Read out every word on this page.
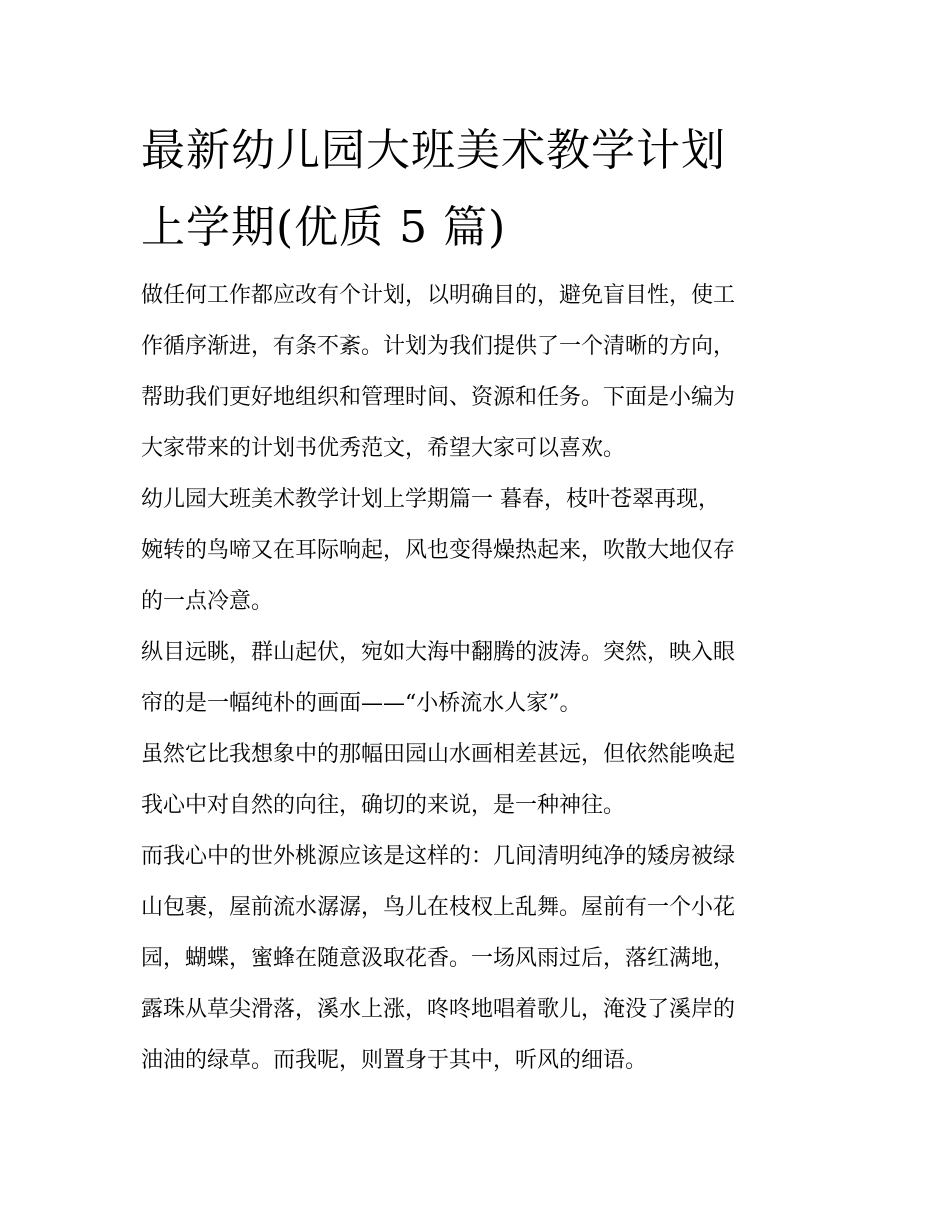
最新幼儿园大班美术教学计划
上学期(优质 5 篇)

做任何工作都应改有个计划，以明确目的，避免盲目性，使工
作循序渐进，有条不紊。计划为我们提供了一个清晰的方向，
帮助我们更好地组织和管理时间、资源和任务。下面是小编为
大家带来的计划书优秀范文，希望大家可以喜欢。

幼儿园大班美术教学计划上学期篇一 暮春，枝叶苍翠再现，
婉转的鸟啼又在耳际响起，风也变得燥热起来，吹散大地仅存
的一点冷意。

纵目远眺，群山起伏，宛如大海中翻腾的波涛。突然，映入眼
帘的是一幅纯朴的画面——“小桥流水人家”。

虽然它比我想象中的那幅田园山水画相差甚远，但依然能唤起
我心中对自然的向往，确切的来说，是一种神往。

而我心中的世外桃源应该是这样的：几间清明纯净的矮房被绿
山包裹，屋前流水潺潺，鸟儿在枝杈上乱舞。屋前有一个小花
园，蝴蝶，蜜蜂在随意汲取花香。一场风雨过后，落红满地，
露珠从草尖滑落，溪水上涨，咚咚地唱着歌儿，淹没了溪岸的
油油的绿草。而我呢，则置身于其中，听风的细语。
